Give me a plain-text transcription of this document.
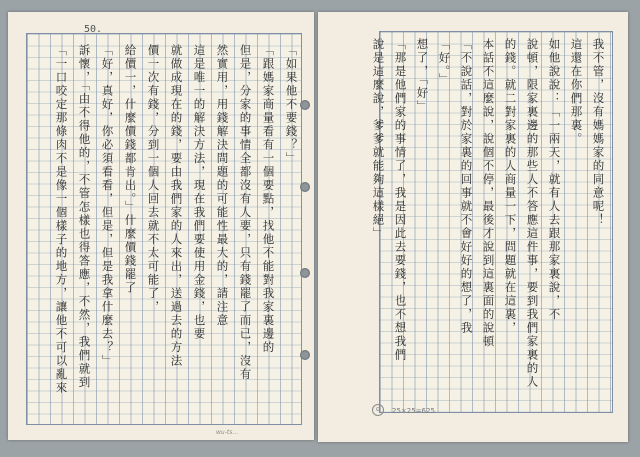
50.
「如果他不要錢？」
「跟媽家商量看有一個要點，找他不能對我家裏邊的
但是，分家的事情全都沒有人要，只有錢罷了而已，沒有
然實用，用錢解決問題的可能性最大的，請注意
這是唯一的解決方法，現在我們要使用金錢，也要
就做成現在的錢，要由我們家的人來出，送過去的方法
價一次有錢，分到一個人回去就不太可能了，
給價一，什麼價錢都肯出。」什麼價錢罷了
「好，真好，你必須看看，但是，但是我拿什麼去？」
訴懷，「由不得他的，不管怎樣也得答應，不然，我們就到
「一口咬定那條肉不是像一個樣子的地方，讓他不可以亂來	我不管，沒有媽媽家的同意呢！
這還在你們那裏。
如他說說：「一兩天，就有人去跟那家裏說，不
說頓，限家裏邊的那些人不答應這件事，要到我們家裏的人
的錢。就二對家裏的人商量一下，問題就在這裏，
本話不這麼說，說個不停，最後才說到這裏面的說頓
「不說話，對於家裏的回事就不會好好的想了，我
「好。」
想了，「好」
「那是他們家的事情了，我是因此去要錢，也不想我們
說是這麼說，爹爹就能夠這樣絕」
⊙	25×25=625
wu-ts…
